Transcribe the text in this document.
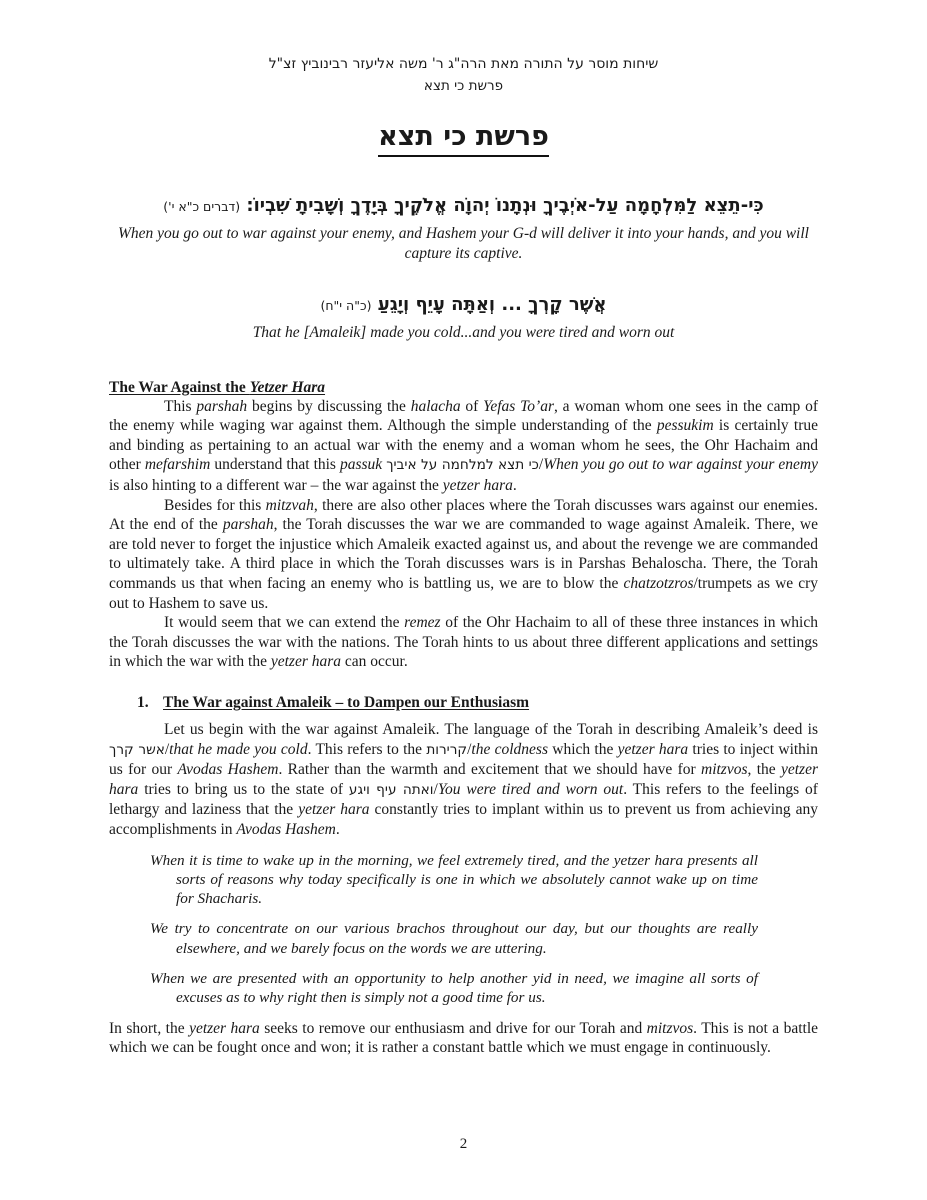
שיחות מוסר על התורה מאת הרה"ג ר' משה אליעזר רבינוביץ זצ"ל
פרשת כי תצא
פרשת כי תצא
כִּי-תֵצֵא לַמִּלְחָמָה עַל-אֹיְבֶיךָ וּנְתָנוֹ יְהוָֹה אֱלֹקֶיךָ בְּיָדֶךָ וְשָׁבִיתָ שִׁבְיוֹ: (דברים כ"א י')
When you go out to war against your enemy, and Hashem your G-d will deliver it into your hands, and you will capture its captive.
אֲשֶׁר קָרְךָ ... וְאַתָּה עָיֵף וְיָגֵעַ (כ"ה י"ח)
That he [Amaleik] made you cold...and you were tired and worn out
The War Against the Yetzer Hara

This parshah begins by discussing the halacha of Yefas To’ar, a woman whom one sees in the camp of the enemy while waging war against them. Although the simple understanding of the pessukim is certainly true and binding as pertaining to an actual war with the enemy and a woman whom he sees, the Ohr Hachaim and other mefarshim understand that this passuk כי תצא למלחמה על איביך/When you go out to war against your enemy is also hinting to a different war – the war against the yetzer hara.

Besides for this mitzvah, there are also other places where the Torah discusses wars against our enemies. At the end of the parshah, the Torah discusses the war we are commanded to wage against Amaleik. There, we are told never to forget the injustice which Amaleik exacted against us, and about the revenge we are commanded to ultimately take. A third place in which the Torah discusses wars is in Parshas Behaloscha. There, the Torah commands us that when facing an enemy who is battling us, we are to blow the chatzotzros/trumpets as we cry out to Hashem to save us.

It would seem that we can extend the remez of the Ohr Hachaim to all of these three instances in which the Torah discusses the war with the nations. The Torah hints to us about three different applications and settings in which the war with the yetzer hara can occur.

1. The War against Amaleik – to Dampen our Enthusiasm

Let us begin with the war against Amaleik. The language of the Torah in describing Amaleik’s deed is אשר קרך/that he made you cold. This refers to the קרירות/the coldness which the yetzer hara tries to inject within us for our Avodas Hashem. Rather than the warmth and excitement that we should have for mitzvos, the yetzer hara tries to bring us to the state of ואתה עיף ויגע/You were tired and worn out. This refers to the feelings of lethargy and laziness that the yetzer hara constantly tries to implant within us to prevent us from achieving any accomplishments in Avodas Hashem.

When it is time to wake up in the morning, we feel extremely tired, and the yetzer hara presents all sorts of reasons why today specifically is one in which we absolutely cannot wake up on time for Shacharis.

We try to concentrate on our various brachos throughout our day, but our thoughts are really elsewhere, and we barely focus on the words we are uttering.

When we are presented with an opportunity to help another yid in need, we imagine all sorts of excuses as to why right then is simply not a good time for us.

In short, the yetzer hara seeks to remove our enthusiasm and drive for our Torah and mitzvos. This is not a battle which we can be fought once and won; it is rather a constant battle which we must engage in continuously.

2
